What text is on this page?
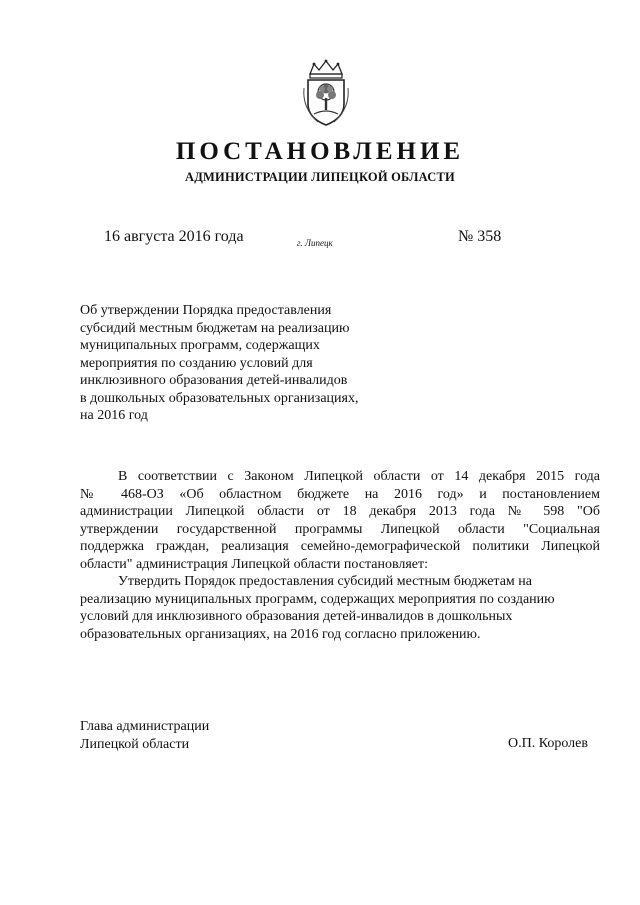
ПОСТАНОВЛЕНИЕ
АДМИНИСТРАЦИИ ЛИПЕЦКОЙ ОБЛАСТИ
16 августа 2016 года	г. Липецк	№ 358
Об утверждении Порядка предоставления
субсидий местным бюджетам на реализацию
муниципальных программ, содержащих
мероприятия по созданию условий для
инклюзивного образования детей-инвалидов
в дошкольных образовательных организациях,
на 2016 год
В соответствии с Законом Липецкой области от 14 декабря 2015 года
№ 468-ОЗ «Об областном бюджете на 2016 год» и постановлением
администрации Липецкой области от 18 декабря 2013 года № 598 "Об
утверждении государственной программы Липецкой области "Социальная
поддержка граждан, реализация семейно-демографической политики Липецкой
области" администрация Липецкой области постановляет:
Утвердить Порядок предоставления субсидий местным бюджетам на
реализацию муниципальных программ, содержащих мероприятия по созданию
условий для инклюзивного образования детей-инвалидов в дошкольных
образовательных организациях, на 2016 год согласно приложению.
Глава администрации
Липецкой области	О.П. Королев
